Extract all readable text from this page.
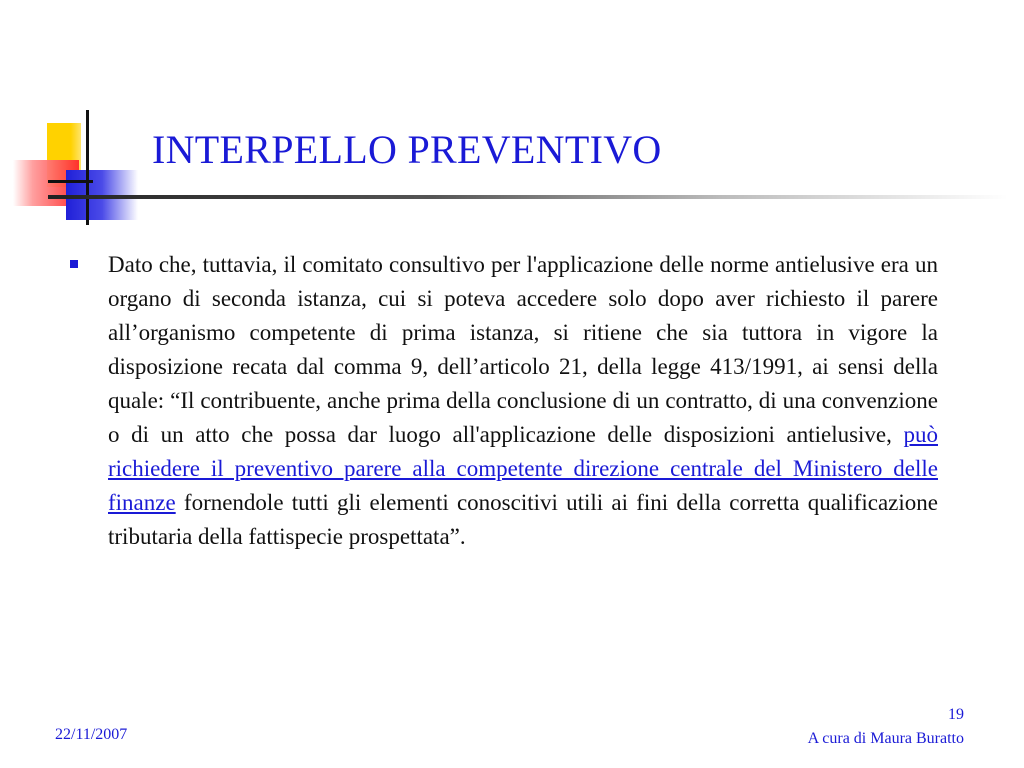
INTERPELLO PREVENTIVO

Dato che, tuttavia, il comitato consultivo per l'applicazione delle norme antielusive era un organo di seconda istanza, cui si poteva accedere solo dopo aver richiesto il parere all’organismo competente di prima istanza, si ritiene che sia tuttora in vigore la disposizione recata dal comma 9, dell’articolo 21, della legge 413/1991, ai sensi della quale: “Il contribuente, anche prima della conclusione di un contratto, di una convenzione o di un atto che possa dar luogo all'applicazione delle disposizioni antielusive, può richiedere il preventivo parere alla competente direzione centrale del Ministero delle finanze fornendole tutti gli elementi conoscitivi utili ai fini della corretta qualificazione tributaria della fattispecie prospettata”.

22/11/2007
19
A cura di Maura Buratto
